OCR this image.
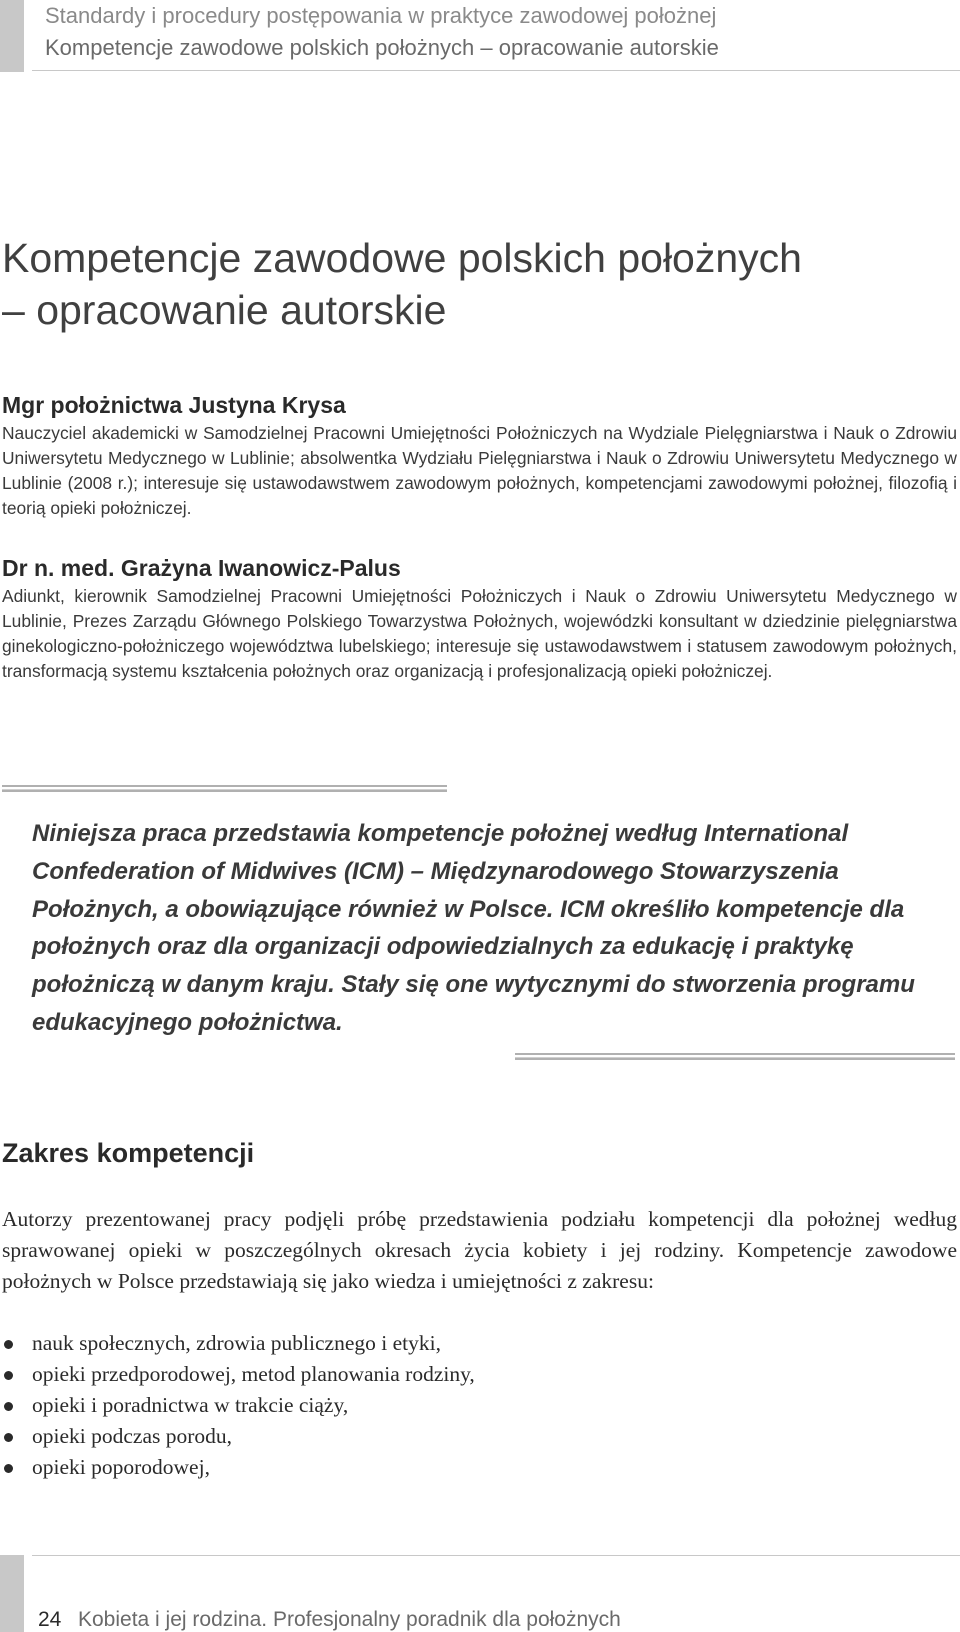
Standardy i procedury postępowania w praktyce zawodowej położnej
Kompetencje zawodowe polskich położnych – opracowanie autorskie
Kompetencje zawodowe polskich położnych
– opracowanie autorskie
Mgr położnictwa Justyna Krysa

Nauczyciel akademicki w Samodzielnej Pracowni Umiejętności Położniczych na Wydziale Pielęgniarstwa i Nauk o Zdrowiu Uniwersytetu Medycznego w Lublinie; absolwentka Wydziału Pielęgniarstwa i Nauk o Zdrowiu Uniwersytetu Medycznego w Lublinie (2008 r.); interesuje się ustawodawstwem zawodowym położnych, kompetencjami zawodowymi położnej, filozofią i teorią opieki położniczej.

Dr n. med. Grażyna Iwanowicz-Palus

Adiunkt, kierownik Samodzielnej Pracowni Umiejętności Położniczych i Nauk o Zdrowiu Uniwersytetu Medycznego w Lublinie, Prezes Zarządu Głównego Polskiego Towarzystwa Położnych, wojewódzki konsultant w dziedzinie pielęgniarstwa ginekologiczno-położniczego województwa lubelskiego; interesuje się ustawodawstwem i statusem zawodowym położnych, transformacją systemu kształcenia położnych oraz organizacją i profesjonalizacją opieki położniczej.

Niniejsza praca przedstawia kompetencje położnej według International Confederation of Midwives (ICM) – Międzynarodowego Stowarzyszenia Położnych, a obowiązujące również w Polsce. ICM określiło kompetencje dla położnych oraz dla organizacji odpowiedzialnych za edukację i praktykę położniczą w danym kraju. Stały się one wytycznymi do stworzenia programu edukacyjnego położnictwa.

Zakres kompetencji

Autorzy prezentowanej pracy podjęli próbę przedstawienia podziału kompetencji dla położnej według sprawowanej opieki w poszczególnych okresach życia kobiety i jej rodziny. Kompetencje zawodowe położnych w Polsce przedstawiają się jako wiedza i umiejętności z zakresu:

nauk społecznych, zdrowia publicznego i etyki,
opieki przedporodowej, metod planowania rodziny,
opieki i poradnictwa w trakcie ciąży,
opieki podczas porodu,
opieki poporodowej,
24 Kobieta i jej rodzina. Profesjonalny poradnik dla położnych
